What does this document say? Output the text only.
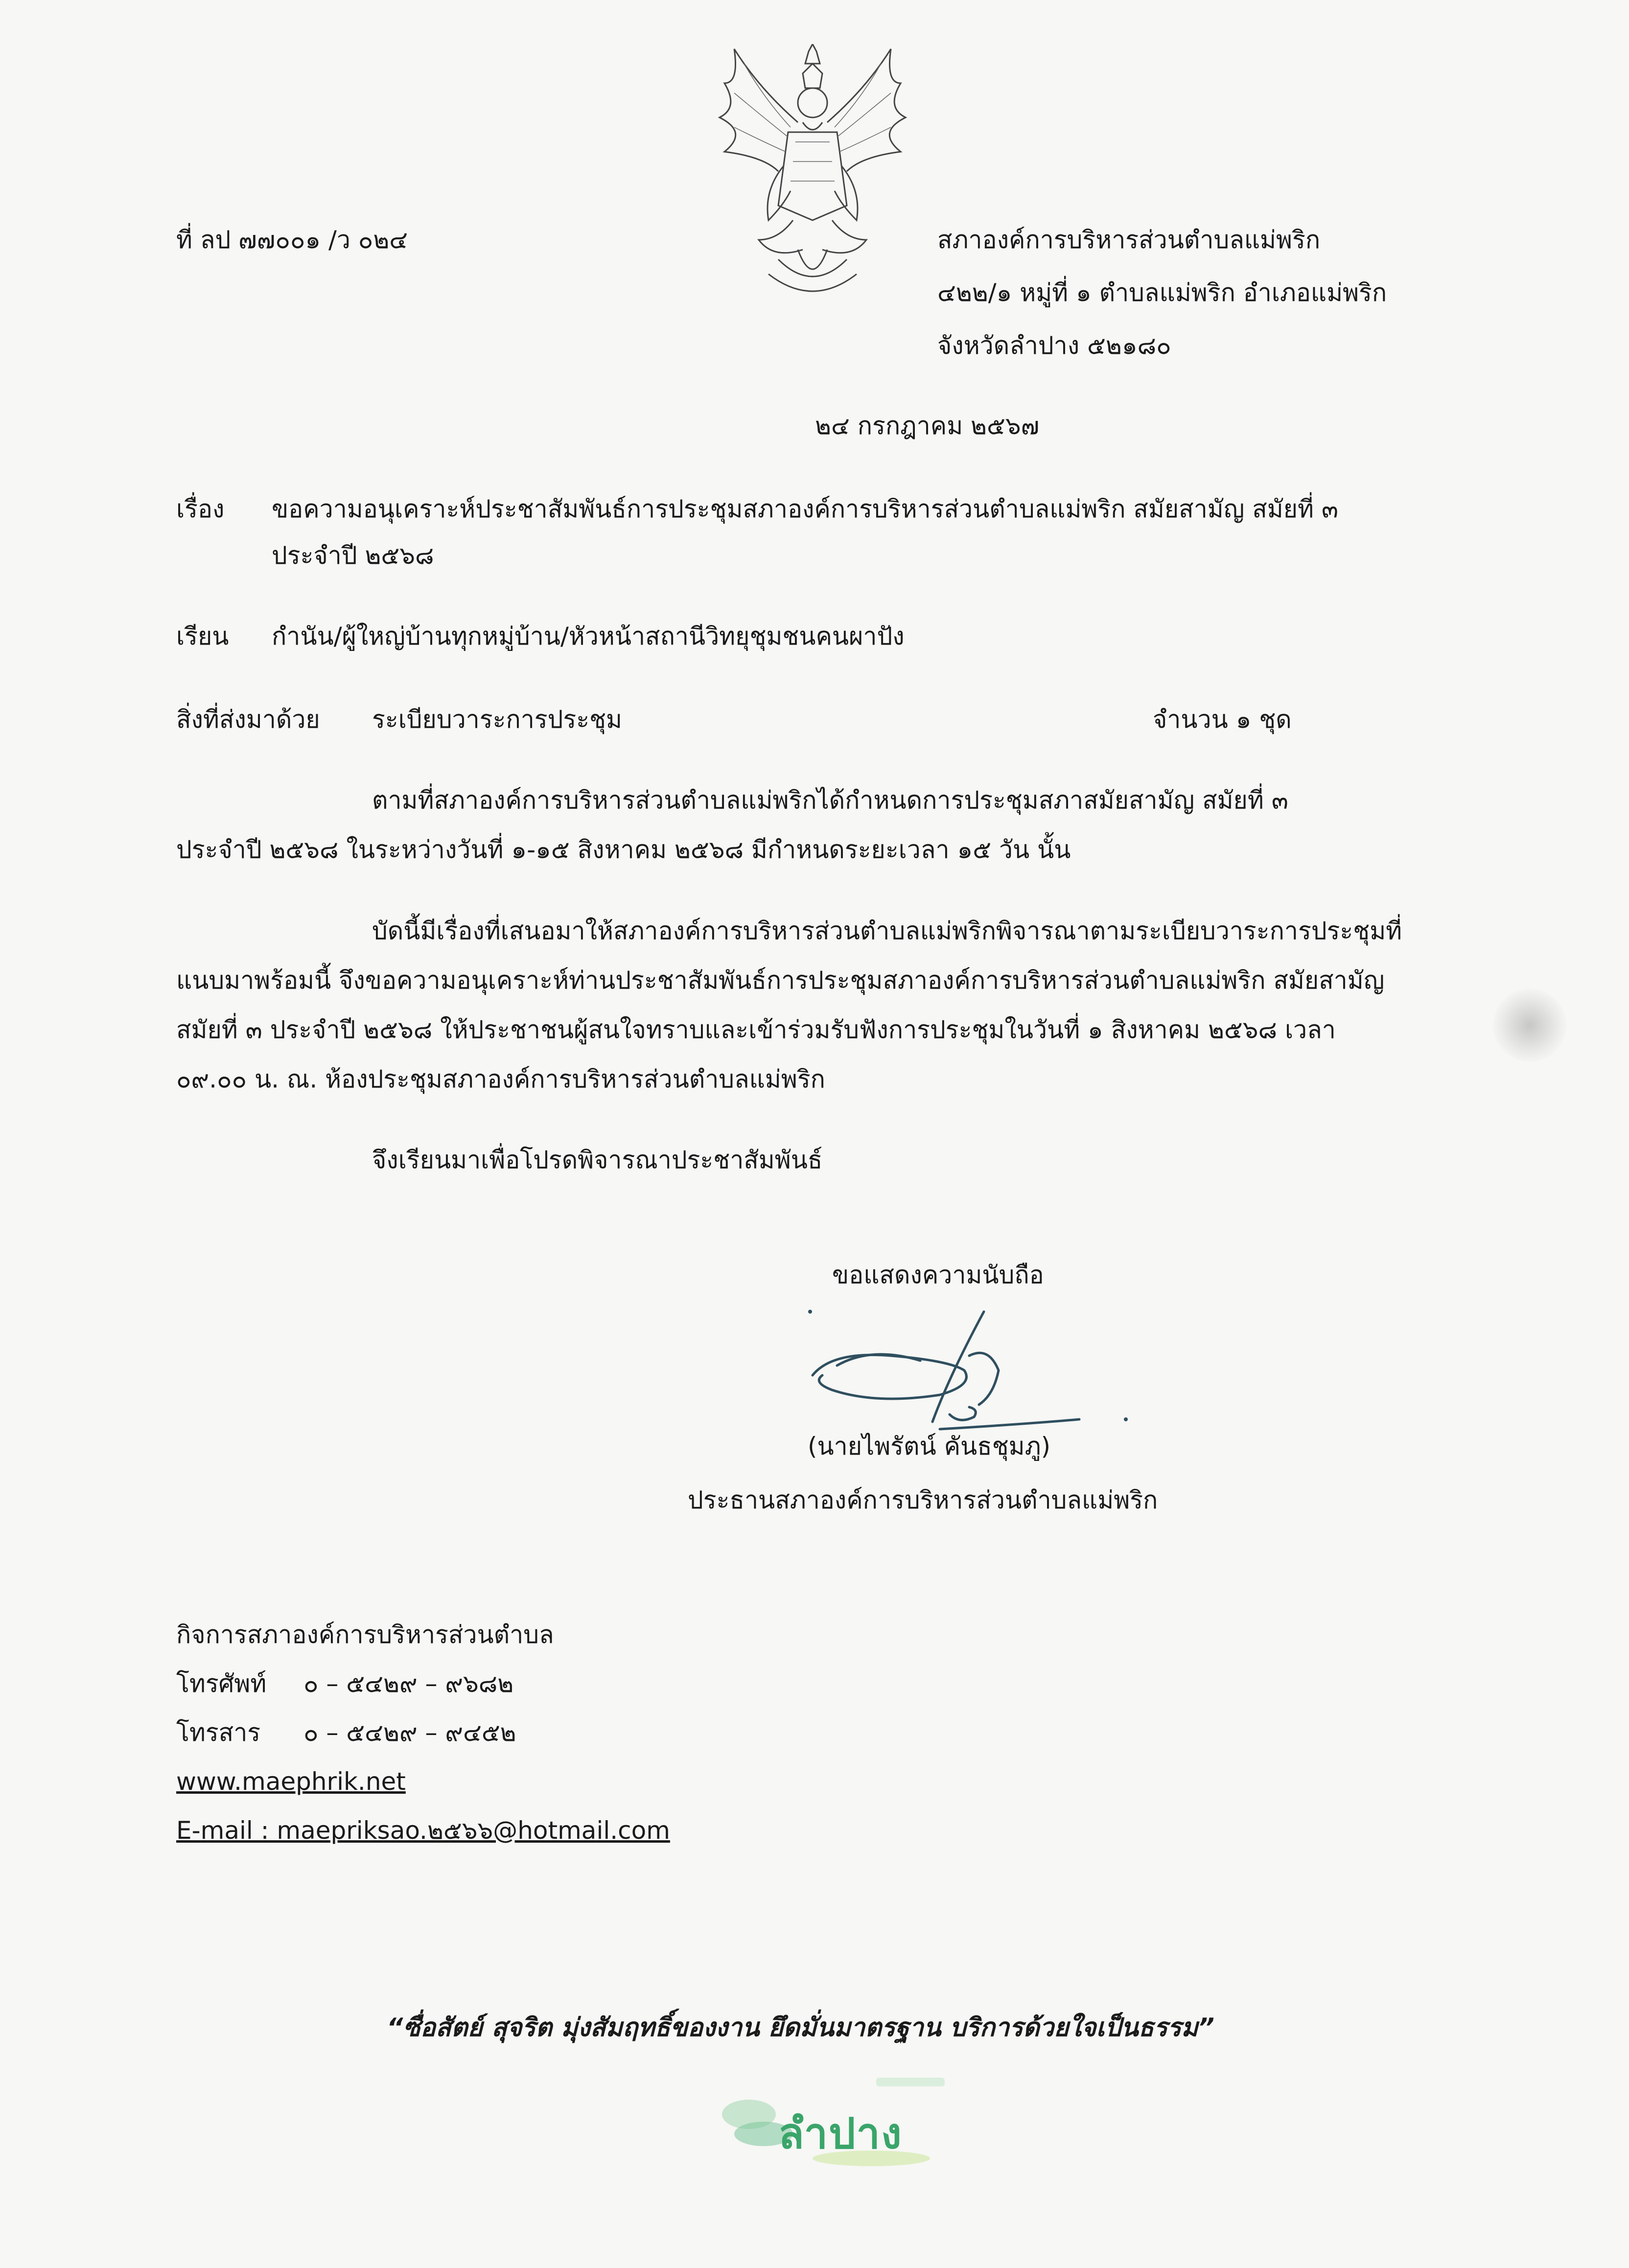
ที่ ลป ๗๗๐๐๑ /ว ๐๒๔	สภาองค์การบริหารส่วนตำบลแม่พริก
๔๒๒/๑ หมู่ที่ ๑ ตำบลแม่พริก อำเภอแม่พริก
จังหวัดลำปาง ๕๒๑๘๐
๒๔ กรกฎาคม ๒๕๖๗
เรื่อง ขอความอนุเคราะห์ประชาสัมพันธ์การประชุมสภาองค์การบริหารส่วนตำบลแม่พริก สมัยสามัญ สมัยที่ ๓
ประจำปี ๒๕๖๘
เรียน กำนัน/ผู้ใหญ่บ้านทุกหมู่บ้าน/หัวหน้าสถานีวิทยุชุมชนคนผาปัง
สิ่งที่ส่งมาด้วย ระเบียบวาระการประชุม	จำนวน ๑ ชุด
ตามที่สภาองค์การบริหารส่วนตำบลแม่พริกได้กำหนดการประชุมสภาสมัยสามัญ สมัยที่ ๓
ประจำปี ๒๕๖๘ ในระหว่างวันที่ ๑-๑๕ สิงหาคม ๒๕๖๘ มีกำหนดระยะเวลา ๑๕ วัน นั้น
บัดนี้มีเรื่องที่เสนอมาให้สภาองค์การบริหารส่วนตำบลแม่พริกพิจารณาตามระเบียบวาระการประชุมที่
แนบมาพร้อมนี้ จึงขอความอนุเคราะห์ท่านประชาสัมพันธ์การประชุมสภาองค์การบริหารส่วนตำบลแม่พริก สมัยสามัญ
สมัยที่ ๓ ประจำปี ๒๕๖๘ ให้ประชาชนผู้สนใจทราบและเข้าร่วมรับฟังการประชุมในวันที่ ๑ สิงหาคม ๒๕๖๘ เวลา
๐๙.๐๐ น. ณ. ห้องประชุมสภาองค์การบริหารส่วนตำบลแม่พริก
จึงเรียนมาเพื่อโปรดพิจารณาประชาสัมพันธ์
ขอแสดงความนับถือ
(นายไพรัตน์ คันธชุมภู)
ประธานสภาองค์การบริหารส่วนตำบลแม่พริก
กิจการสภาองค์การบริหารส่วนตำบล
โทรศัพท์ ๐ – ๕๔๒๙ – ๙๖๘๒
โทรสาร ๐ – ๕๔๒๙ – ๙๔๕๒
www.maephrik.net
E-mail : maepriksao.๒๕๖๖@hotmail.com
“ซื่อสัตย์ สุจริต มุ่งสัมฤทธิ์ของงาน ยึดมั่นมาตรฐาน บริการด้วยใจเป็นธรรม”
ลำปาง
